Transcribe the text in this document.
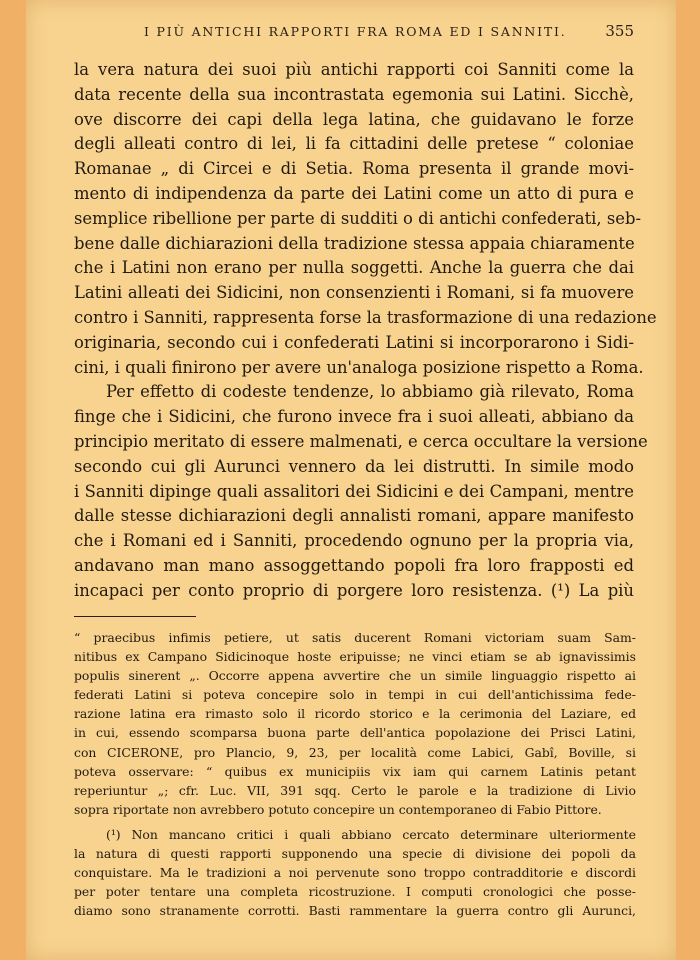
I PIÙ ANTICHI RAPPORTI FRA ROMA ED I SANNITI.	355
la vera natura dei suoi più antichi rapporti coi Sanniti come la
data recente della sua incontrastata egemonia sui Latini. Sicchè,
ove discorre dei capi della lega latina, che guidavano le forze
degli alleati contro di lei, li fa cittadini delle pretese “ coloniae
Romanae „ di Circei e di Setia. Roma presenta il grande movi-
mento di indipendenza da parte dei Latini come un atto di pura e
semplice ribellione per parte di sudditi o di antichi confederati, seb-
bene dalle dichiarazioni della tradizione stessa appaia chiaramente
che i Latini non erano per nulla soggetti. Anche la guerra che dai
Latini alleati dei Sidicini, non consenzienti i Romani, si fa muovere
contro i Sanniti, rappresenta forse la trasformazione di una redazione
originaria, secondo cui i confederati Latini si incorporarono i Sidi-
cini, i quali finirono per avere un'analoga posizione rispetto a Roma.
Per effetto di codeste tendenze, lo abbiamo già rilevato, Roma
finge che i Sidicini, che furono invece fra i suoi alleati, abbiano da
principio meritato di essere malmenati, e cerca occultare la versione
secondo cui gli Aurunci vennero da lei distrutti. In simile modo
i Sanniti dipinge quali assalitori dei Sidicini e dei Campani, mentre
dalle stesse dichiarazioni degli annalisti romani, appare manifesto
che i Romani ed i Sanniti, procedendo ognuno per la propria via,
andavano man mano assoggettando popoli fra loro frapposti ed
incapaci per conto proprio di porgere loro resistenza. (¹) La più
“ praecibus infimis petiere, ut satis ducerent Romani victoriam suam Sam-
nitibus ex Campano Sidicinoque hoste eripuisse; ne vinci etiam se ab ignavissimis
populis sinerent „. Occorre appena avvertire che un simile linguaggio rispetto ai
federati Latini si poteva concepire solo in tempi in cui dell'antichissima fede-
razione latina era rimasto solo il ricordo storico e la cerimonia del Laziare, ed
in cui, essendo scomparsa buona parte dell'antica popolazione dei Prisci Latini,
con CICERONE, pro Plancio, 9, 23, per località come Labici, Gabî, Boville, si
poteva osservare: “ quibus ex municipiis vix iam qui carnem Latinis petant
reperiuntur „; cfr. Luc. VII, 391 sqq. Certo le parole e la tradizione di Livio
sopra riportate non avrebbero potuto concepire un contemporaneo di Fabio Pittore.
(¹) Non mancano critici i quali abbiano cercato determinare ulteriormente
la natura di questi rapporti supponendo una specie di divisione dei popoli da
conquistare. Ma le tradizioni a noi pervenute sono troppo contradditorie e discordi
per poter tentare una completa ricostruzione. I computi cronologici che posse-
diamo sono stranamente corrotti. Basti rammentare la guerra contro gli Aurunci,
